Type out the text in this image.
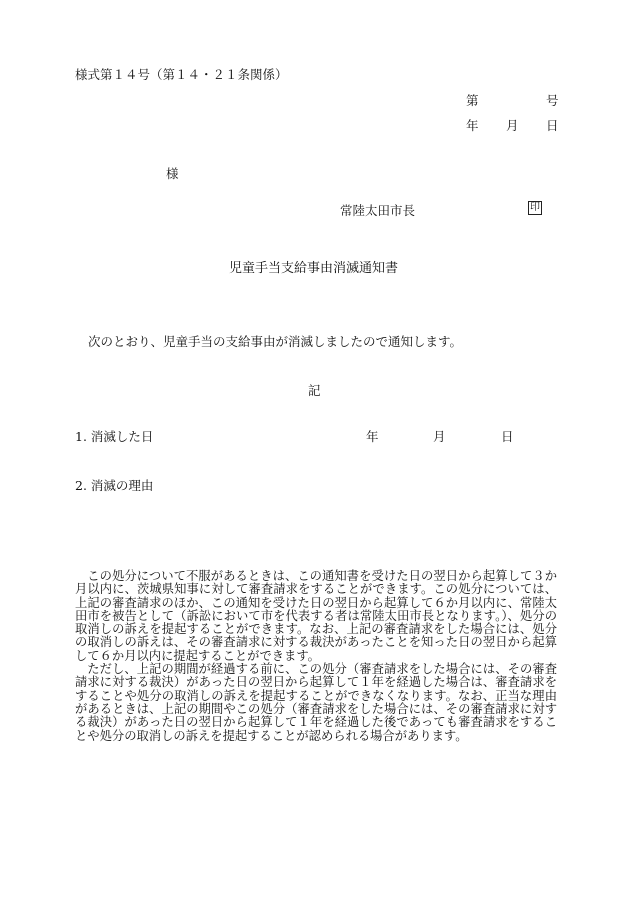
様式第１４号（第１４・２１条関係）
第	号
年 月 日
様
常陸太田市長	印
児童手当支給事由消滅通知書
次のとおり、児童手当の支給事由が消滅しましたので通知します。
記
1. 消滅した日	年	月	日
2. 消滅の理由

この処分について不服があるときは、この通知書を受けた日の翌日から起算して３か月以内に、茨城県知事に対して審査請求をすることができます。この処分については、上記の審査請求のほか、この通知を受けた日の翌日から起算して６か月以内に、常陸太田市を被告として（訴訟において市を代表する者は常陸太田市長となります。）、処分の取消しの訴えを提起することができます。なお、上記の審査請求をした場合には、処分の取消しの訴えは、その審査請求に対する裁決があったことを知った日の翌日から起算して６か月以内に提起することができます。

ただし、上記の期間が経過する前に、この処分（審査請求をした場合には、その審査請求に対する裁決）があった日の翌日から起算して１年を経過した場合は、審査請求をすることや処分の取消しの訴えを提起することができなくなります。なお、正当な理由があるときは、上記の期間やこの処分（審査請求をした場合には、その審査請求に対する裁決）があった日の翌日から起算して１年を経過した後であっても審査請求をすることや処分の取消しの訴えを提起することが認められる場合があります。
